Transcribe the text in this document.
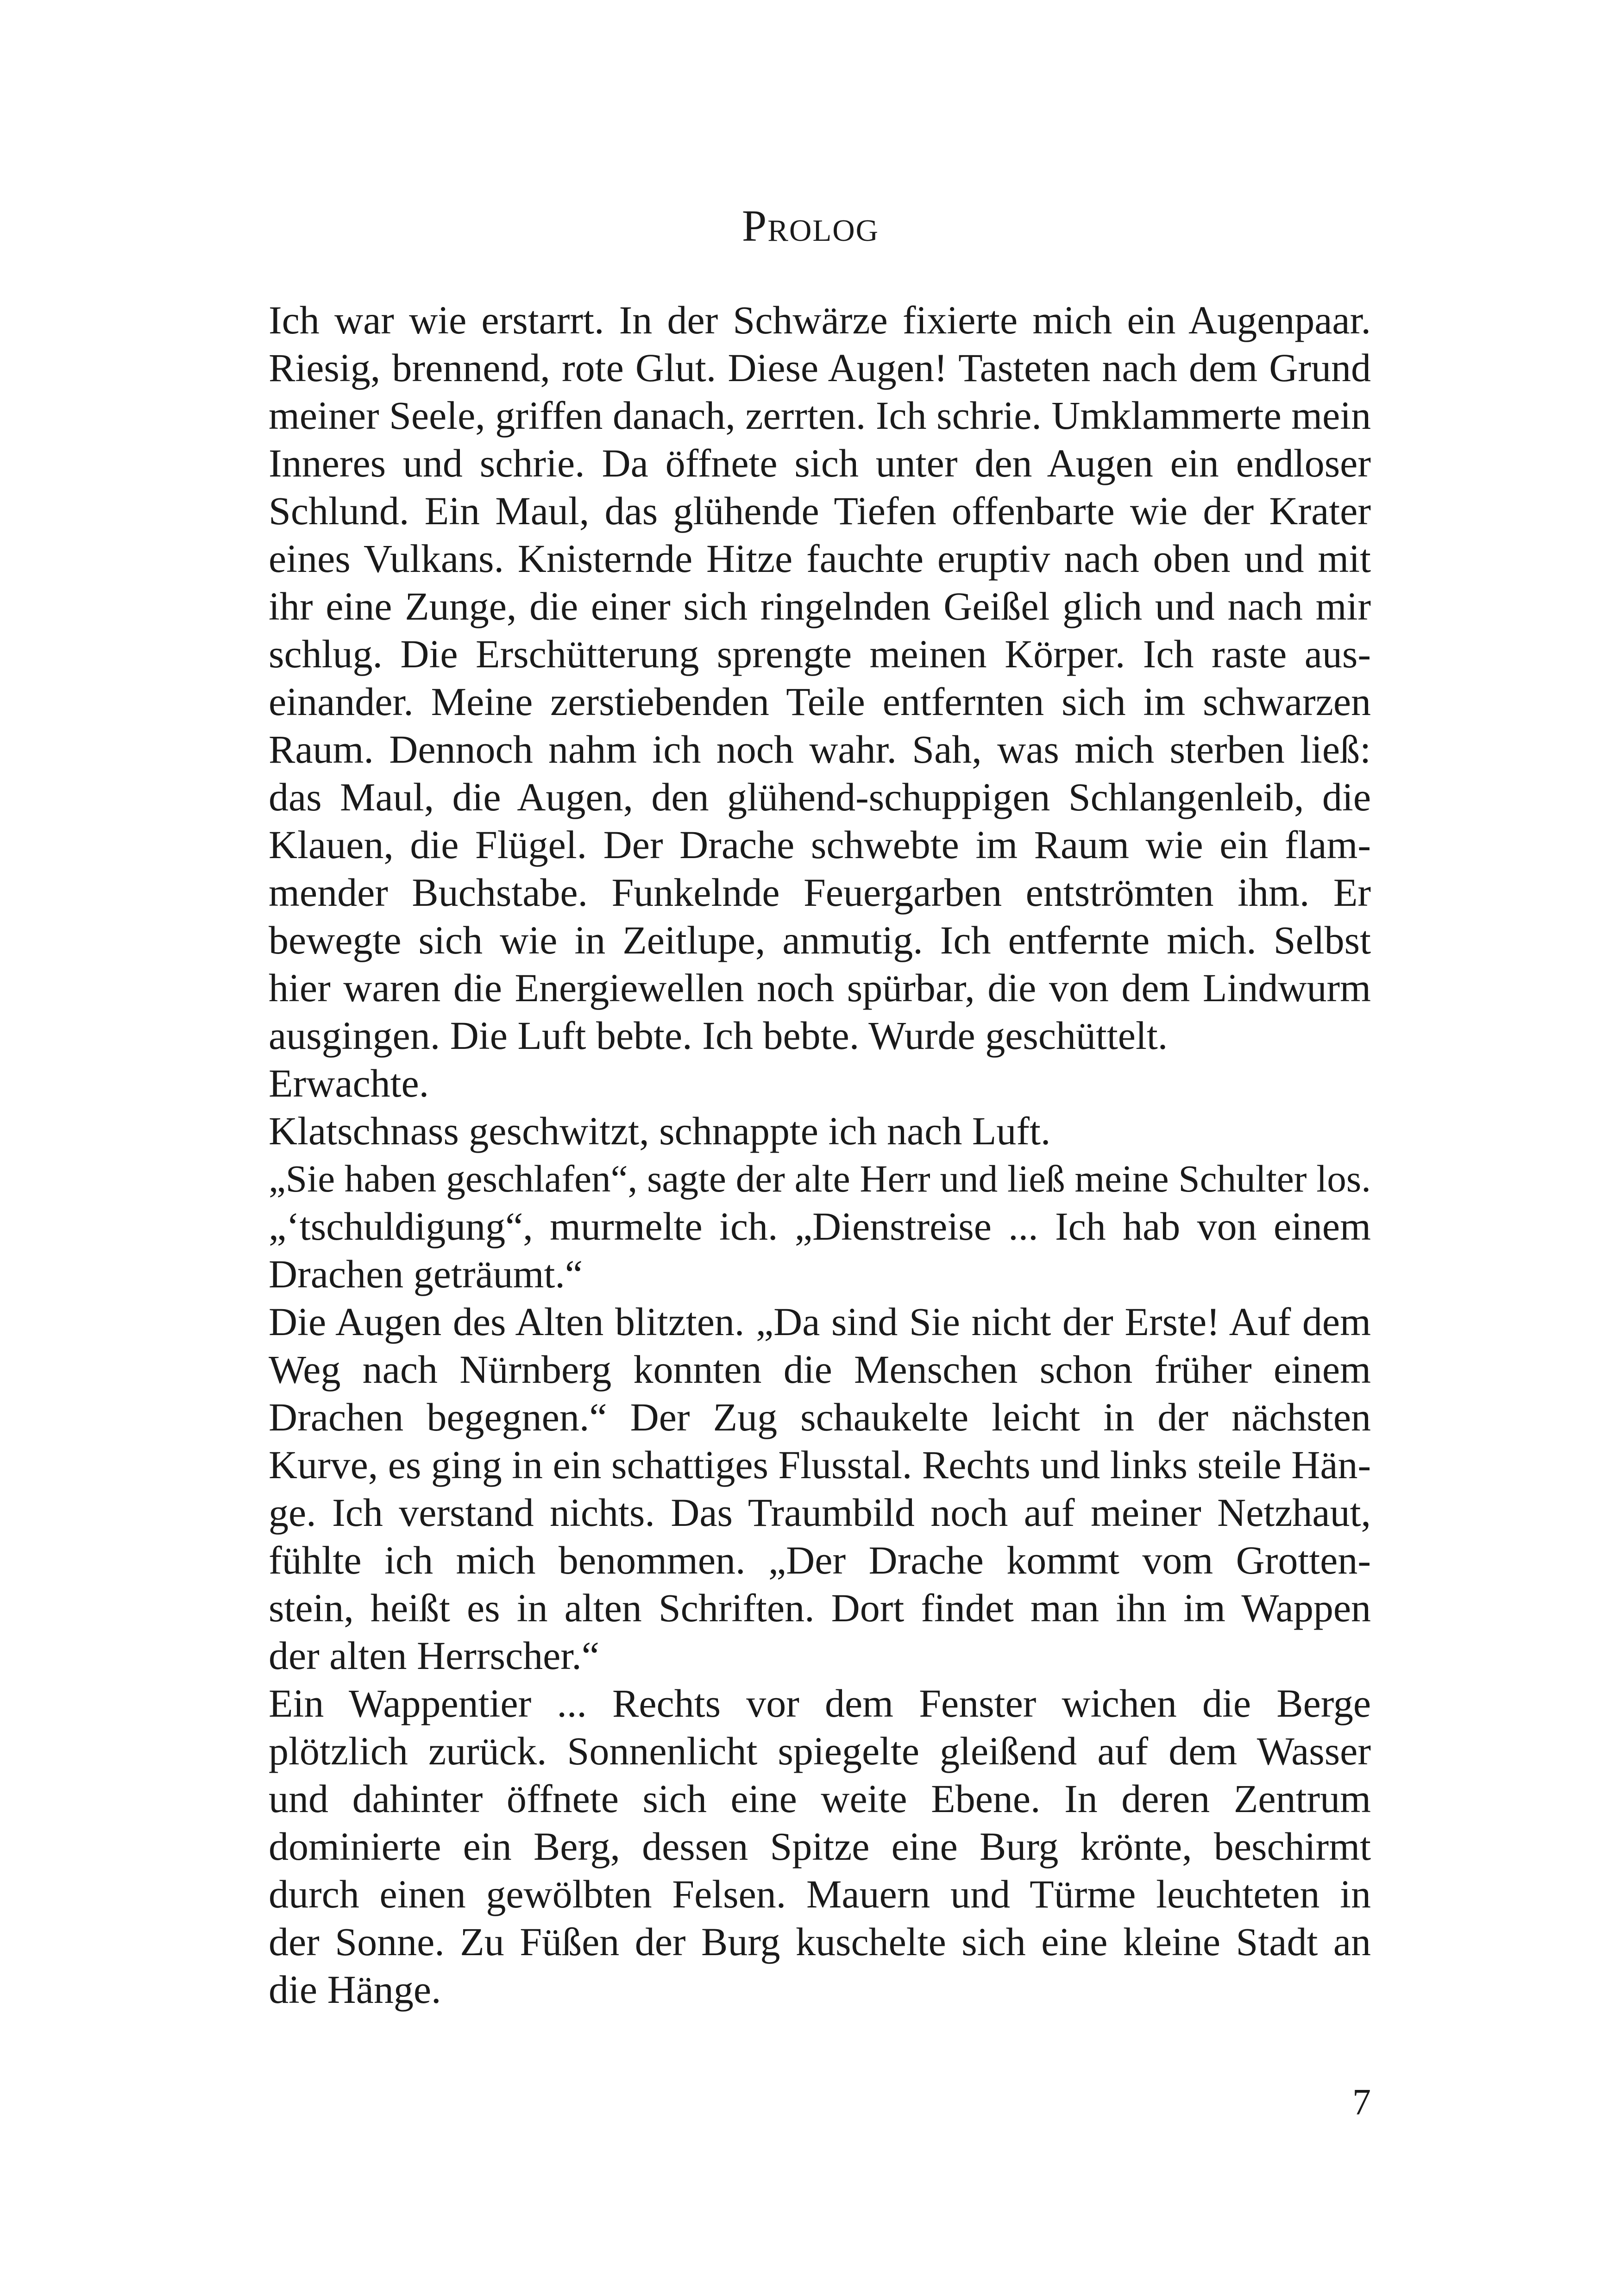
Prolog
Ich war wie erstarrt. In der Schwärze fixierte mich ein Augenpaar.
Riesig, brennend, rote Glut. Diese Augen! Tasteten nach dem Grund
meiner Seele, griffen danach, zerrten. Ich schrie. Umklammerte mein
Inneres und schrie. Da öffnete sich unter den Augen ein endloser
Schlund. Ein Maul, das glühende Tiefen offenbarte wie der Krater
eines Vulkans. Knisternde Hitze fauchte eruptiv nach oben und mit
ihr eine Zunge, die einer sich ringelnden Geißel glich und nach mir
schlug. Die Erschütterung sprengte meinen Körper. Ich raste aus-
einander. Meine zerstiebenden Teile entfernten sich im schwarzen
Raum. Dennoch nahm ich noch wahr. Sah, was mich sterben ließ:
das Maul, die Augen, den glühend-schuppigen Schlangenleib, die
Klauen, die Flügel. Der Drache schwebte im Raum wie ein flam-
mender Buchstabe. Funkelnde Feuergarben entströmten ihm. Er
bewegte sich wie in Zeitlupe, anmutig. Ich entfernte mich. Selbst
hier waren die Energiewellen noch spürbar, die von dem Lindwurm
ausgingen. Die Luft bebte. Ich bebte. Wurde geschüttelt.
Erwachte.
Klatschnass geschwitzt, schnappte ich nach Luft.
„Sie haben geschlafen“, sagte der alte Herr und ließ meine Schulter los.
„‘tschuldigung“, murmelte ich. „Dienstreise ... Ich hab von einem
Drachen geträumt.“
Die Augen des Alten blitzten. „Da sind Sie nicht der Erste! Auf dem
Weg nach Nürnberg konnten die Menschen schon früher einem
Drachen begegnen.“ Der Zug schaukelte leicht in der nächsten
Kurve, es ging in ein schattiges Flusstal. Rechts und links steile Hän-
ge. Ich verstand nichts. Das Traumbild noch auf meiner Netzhaut,
fühlte ich mich benommen. „Der Drache kommt vom Grotten-
stein, heißt es in alten Schriften. Dort findet man ihn im Wappen
der alten Herrscher.“
Ein Wappentier ... Rechts vor dem Fenster wichen die Berge
plötzlich zurück. Sonnenlicht spiegelte gleißend auf dem Wasser
und dahinter öffnete sich eine weite Ebene. In deren Zentrum
dominierte ein Berg, dessen Spitze eine Burg krönte, beschirmt
durch einen gewölbten Felsen. Mauern und Türme leuchteten in
der Sonne. Zu Füßen der Burg kuschelte sich eine kleine Stadt an
die Hänge.
7
